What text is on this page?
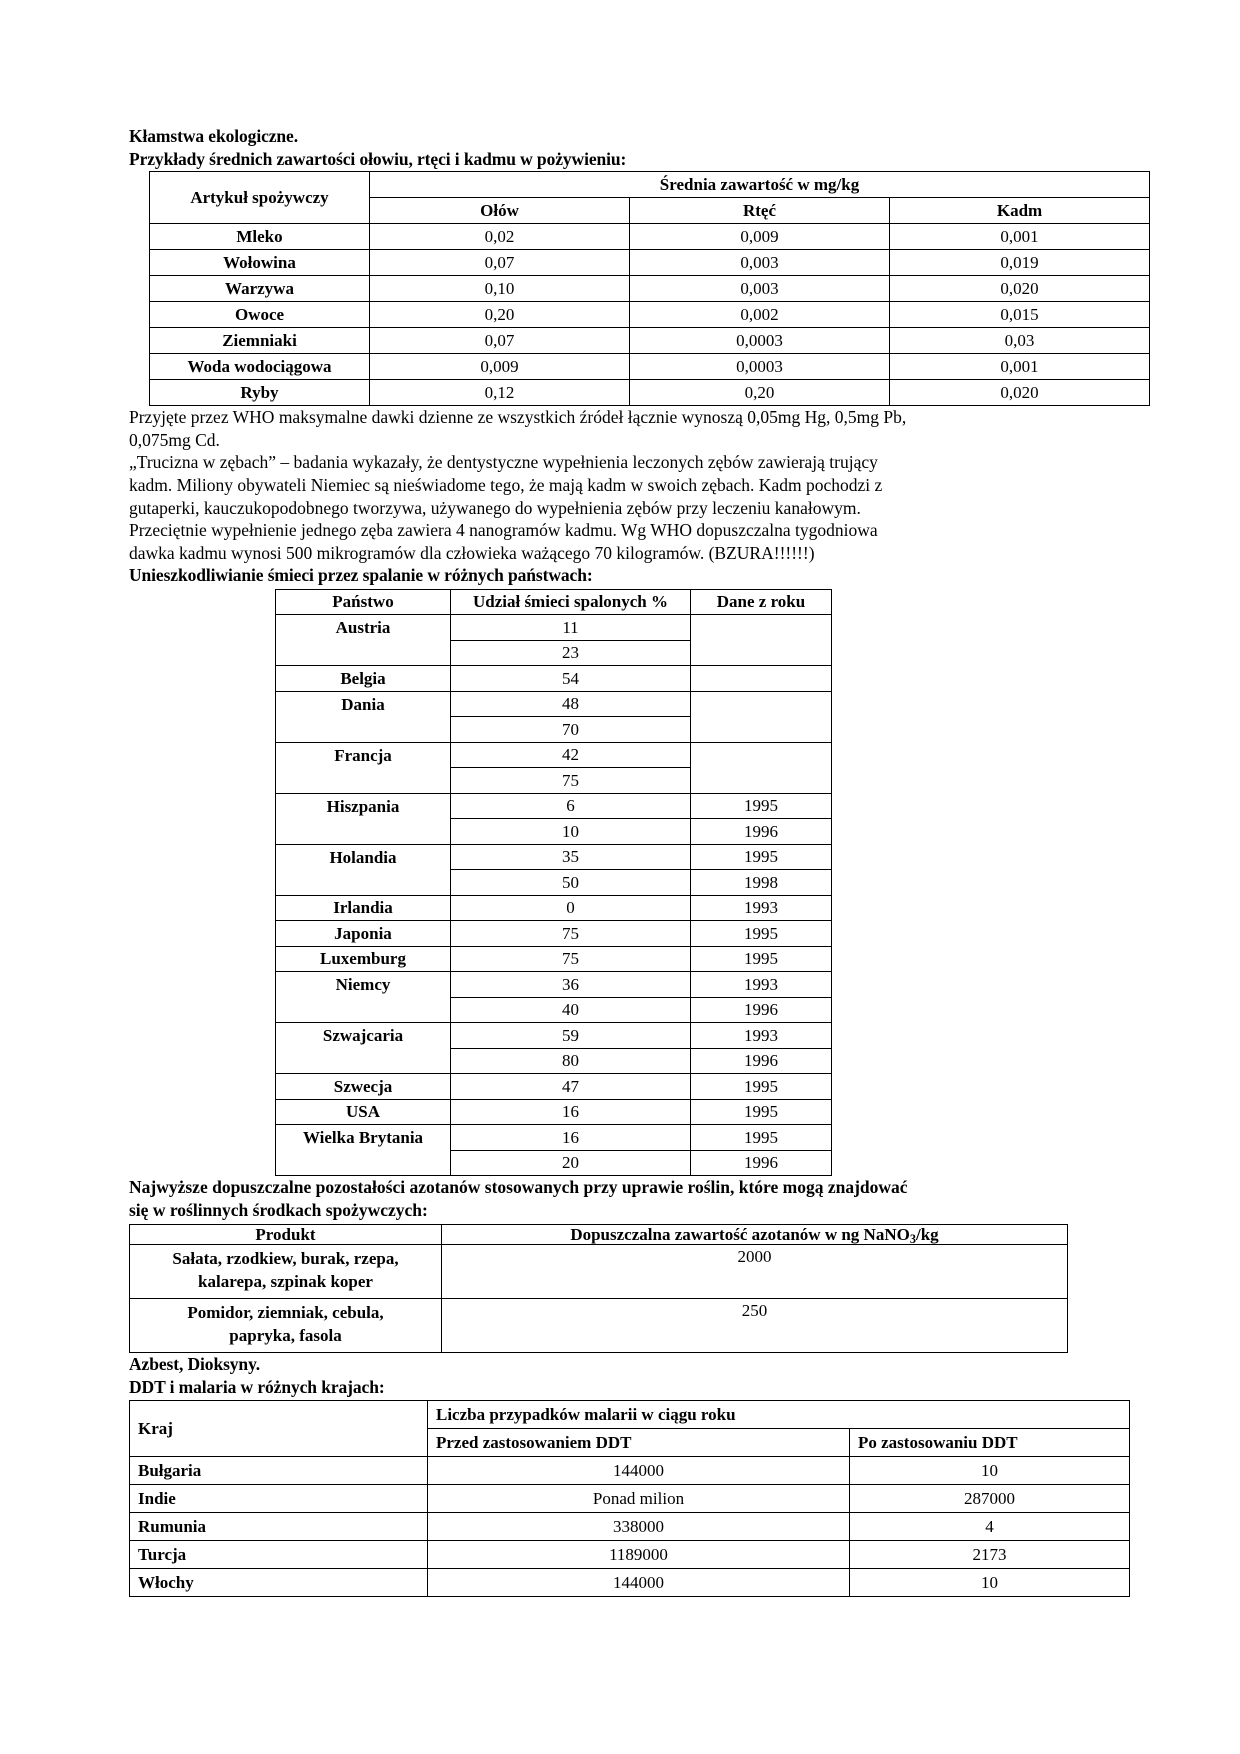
Kłamstwa ekologiczne.
Przykłady średnich zawartości ołowiu, rtęci i kadmu w pożywieniu:
Artykuł spożywczy	Średnia zawartość w mg/kg		
	Ołów	Rtęć	Kadm
Mleko	0,02	0,009	0,001
Wołowina	0,07	0,003	0,019
Warzywa	0,10	0,003	0,020
Owoce	0,20	0,002	0,015
Ziemniaki	0,07	0,0003	0,03
Woda wodociągowa	0,009	0,0003	0,001
Ryby	0,12	0,20	0,020
Przyjęte przez WHO maksymalne dawki dzienne ze wszystkich źródeł łącznie wynoszą 0,05mg Hg, 0,5mg Pb,
0,075mg Cd.
„Trucizna w zębach” – badania wykazały, że dentystyczne wypełnienia leczonych zębów zawierają trujący
kadm. Miliony obywateli Niemiec są nieświadome tego, że mają kadm w swoich zębach. Kadm pochodzi z
gutaperki, kauczukopodobnego tworzywa, używanego do wypełnienia zębów przy leczeniu kanałowym.
Przeciętnie wypełnienie jednego zęba zawiera 4 nanogramów kadmu. Wg WHO dopuszczalna tygodniowa
dawka kadmu wynosi 500 mikrogramów dla człowieka ważącego 70 kilogramów. (BZURA!!!!!!)
Unieszkodliwianie śmieci przez spalanie w różnych państwach:
Państwo	Udział śmieci spalonych %	Dane z roku
Austria	11	
	23	
Belgia	54	
Dania	48	
	70	
Francja	42	
	75	
Hiszpania	6	1995
	10	1996
Holandia	35	1995
	50	1998
Irlandia	0	1993
Japonia	75	1995
Luxemburg	75	1995
Niemcy	36	1993
	40	1996
Szwajcaria	59	1993
	80	1996
Szwecja	47	1995
USA	16	1995
Wielka Brytania	16	1995
	20	1996
Najwyższe dopuszczalne pozostałości azotanów stosowanych przy uprawie roślin, które mogą znajdować
się w roślinnych środkach spożywczych:
Produkt	Dopuszczalna zawartość azotanów w ng NaNO$_3$/kg
Sałata, rzodkiew, burak, rzepa,
kalarepa, szpinak koper	2000
Pomidor, ziemniak, cebula,
papryka, fasola	250
Azbest, Dioksyny.
DDT i malaria w różnych krajach:
Kraj	Liczba przypadków malarii w ciągu roku	
	Przed zastosowaniem DDT	Po zastosowaniu DDT
Bułgaria	144000	10
Indie	Ponad milion	287000
Rumunia	338000	4
Turcja	1189000	2173
Włochy	144000	10
